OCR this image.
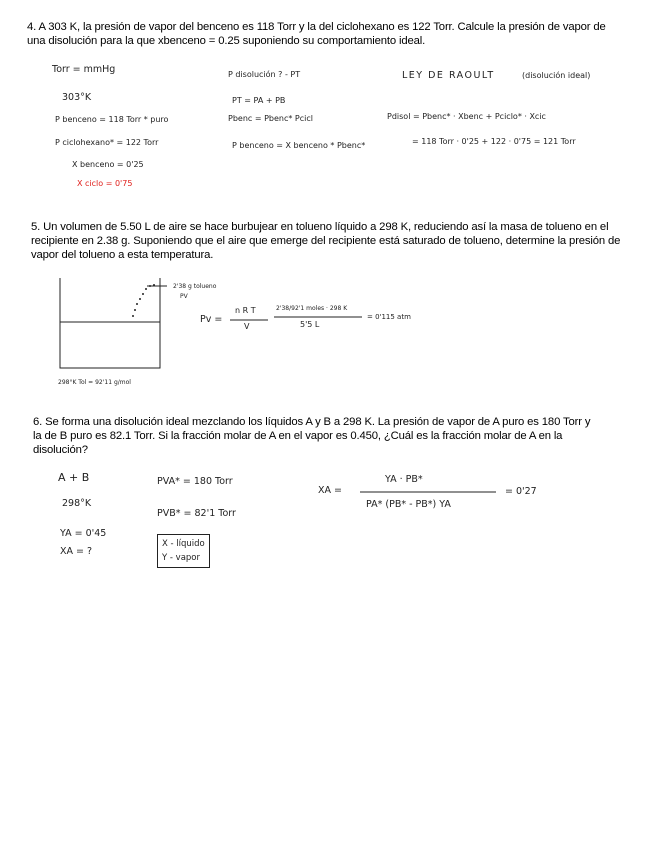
4. A 303 K, la presión de vapor del benceno es 118 Torr y la del ciclohexano es 122 Torr. Calcule la presión de vapor de una disolución para la que xbenceno = 0.25 suponiendo su comportamiento ideal.
Torr = mmHg
303°K
P benceno = 118 Torr * puro
P ciclohexano* = 122 Torr
X benceno = 0'25
X ciclo = 0'75
P disolución ? - PT
PT = PA + PB
Pbenc = Pbenc* Pcicl
P benceno = X benceno * Pbenc*
LEY DE RAOULT	(disolución ideal)
Pdisol = Pbenc* · Xbenc + Pciclo* · Xcic
= 118 Torr · 0'25 + 122 · 0'75 = 121 Torr
5. Un volumen de 5.50 L de aire se hace burbujear en tolueno líquido a 298 K, reduciendo así la masa de tolueno en el recipiente en 2.38 g. Suponiendo que el aire que emerge del recipiente está saturado de tolueno, determine la presión de vapor del tolueno a esta temperatura.
2'38 g tolueno
PV
298°K Tol = 92'11 g/mol
Pv =
n R T
V
2'38/92'1 moles · 298 K
5'5 L
= 0'115 atm
6. Se forma una disolución ideal mezclando los líquidos A y B a 298 K. La presión de vapor de A puro es 180 Torr y la de B puro es 82.1 Torr. Si la fracción molar de A en el vapor es 0.450, ¿Cuál es la fracción molar de A en la disolución?
A + B
298°K
YA = 0'45
XA = ?
PVA* = 180 Torr
PVB* = 82'1 Torr
X - líquido
Y - vapor
XA =
YA · PB*
PA* (PB* - PB*) YA
= 0'27
